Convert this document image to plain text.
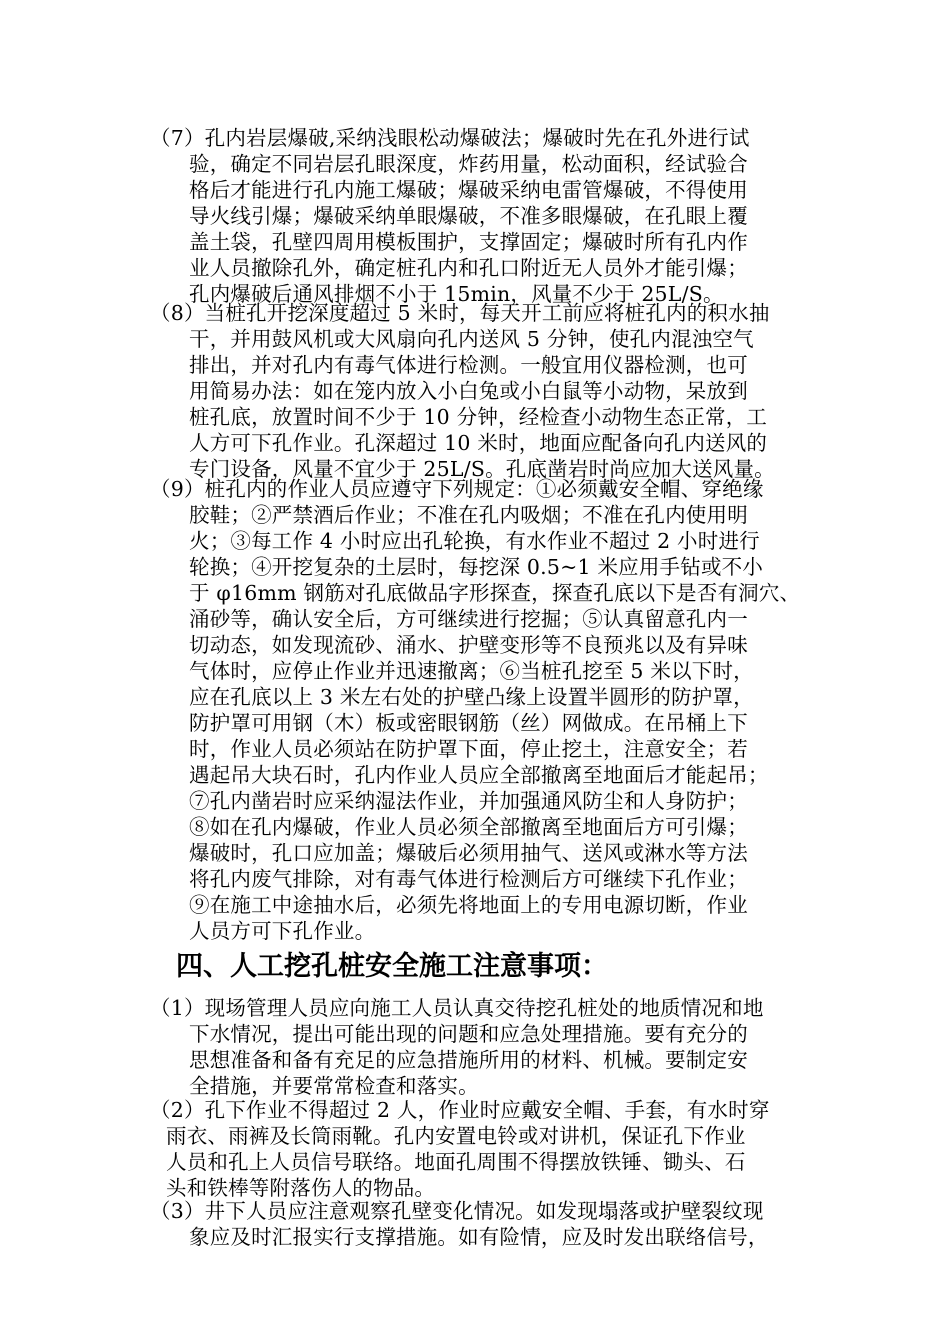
（7）孔内岩层爆破,采纳浅眼松动爆破法；爆破时先在孔外进行试
验，确定不同岩层孔眼深度，炸药用量，松动面积，经试验合
格后才能进行孔内施工爆破；爆破采纳电雷管爆破，不得使用
导火线引爆；爆破采纳单眼爆破，不准多眼爆破，在孔眼上覆
盖土袋，孔壁四周用模板围护，支撑固定；爆破时所有孔内作
业人员撤除孔外，确定桩孔内和孔口附近无人员外才能引爆；
孔内爆破后通风排烟不小于 15min，风量不少于 25L/S。
（8）当桩孔开挖深度超过 5 米时，每天开工前应将桩孔内的积水抽
干，并用鼓风机或大风扇向孔内送风 5 分钟，使孔内混浊空气
排出，并对孔内有毒气体进行检测。一般宜用仪器检测，也可
用简易办法：如在笼内放入小白兔或小白鼠等小动物，呆放到
桩孔底，放置时间不少于 10 分钟，经检查小动物生态正常，工
人方可下孔作业。孔深超过 10 米时，地面应配备向孔内送风的
专门设备，风量不宜少于 25L/S。孔底凿岩时尚应加大送风量。
（9）桩孔内的作业人员应遵守下列规定：①必须戴安全帽、穿绝缘
胶鞋；②严禁酒后作业；不准在孔内吸烟；不准在孔内使用明
火；③每工作 4 小时应出孔轮换，有水作业不超过 2 小时进行
轮换；④开挖复杂的土层时，每挖深 0.5~1 米应用手钻或不小
于 φ16mm 钢筋对孔底做品字形探查，探查孔底以下是否有洞穴、
涌砂等，确认安全后，方可继续进行挖掘；⑤认真留意孔内一
切动态，如发现流砂、涌水、护壁变形等不良预兆以及有异味
气体时，应停止作业并迅速撤离；⑥当桩孔挖至 5 米以下时，
应在孔底以上 3 米左右处的护壁凸缘上设置半圆形的防护罩，
防护罩可用钢（木）板或密眼钢筋（丝）网做成。在吊桶上下
时，作业人员必须站在防护罩下面，停止挖土，注意安全；若
遇起吊大块石时，孔内作业人员应全部撤离至地面后才能起吊；
⑦孔内凿岩时应采纳湿法作业，并加强通风防尘和人身防护；
⑧如在孔内爆破，作业人员必须全部撤离至地面后方可引爆；
爆破时，孔口应加盖；爆破后必须用抽气、送风或淋水等方法
将孔内废气排除，对有毒气体进行检测后方可继续下孔作业；
⑨在施工中途抽水后，必须先将地面上的专用电源切断，作业
人员方可下孔作业。
四、人工挖孔桩安全施工注意事项：
（1）现场管理人员应向施工人员认真交待挖孔桩处的地质情况和地
下水情况，提出可能出现的问题和应急处理措施。要有充分的
思想准备和备有充足的应急措施所用的材料、机械。要制定安
全措施，并要常常检查和落实。
（2）孔下作业不得超过 2 人，作业时应戴安全帽、手套，有水时穿
雨衣、雨裤及长筒雨靴。孔内安置电铃或对讲机，保证孔下作业
人员和孔上人员信号联络。地面孔周围不得摆放铁锤、锄头、石
头和铁棒等附落伤人的物品。
（3）井下人员应注意观察孔壁变化情况。如发现塌落或护壁裂纹现
象应及时汇报实行支撑措施。如有险情，应及时发出联络信号，
